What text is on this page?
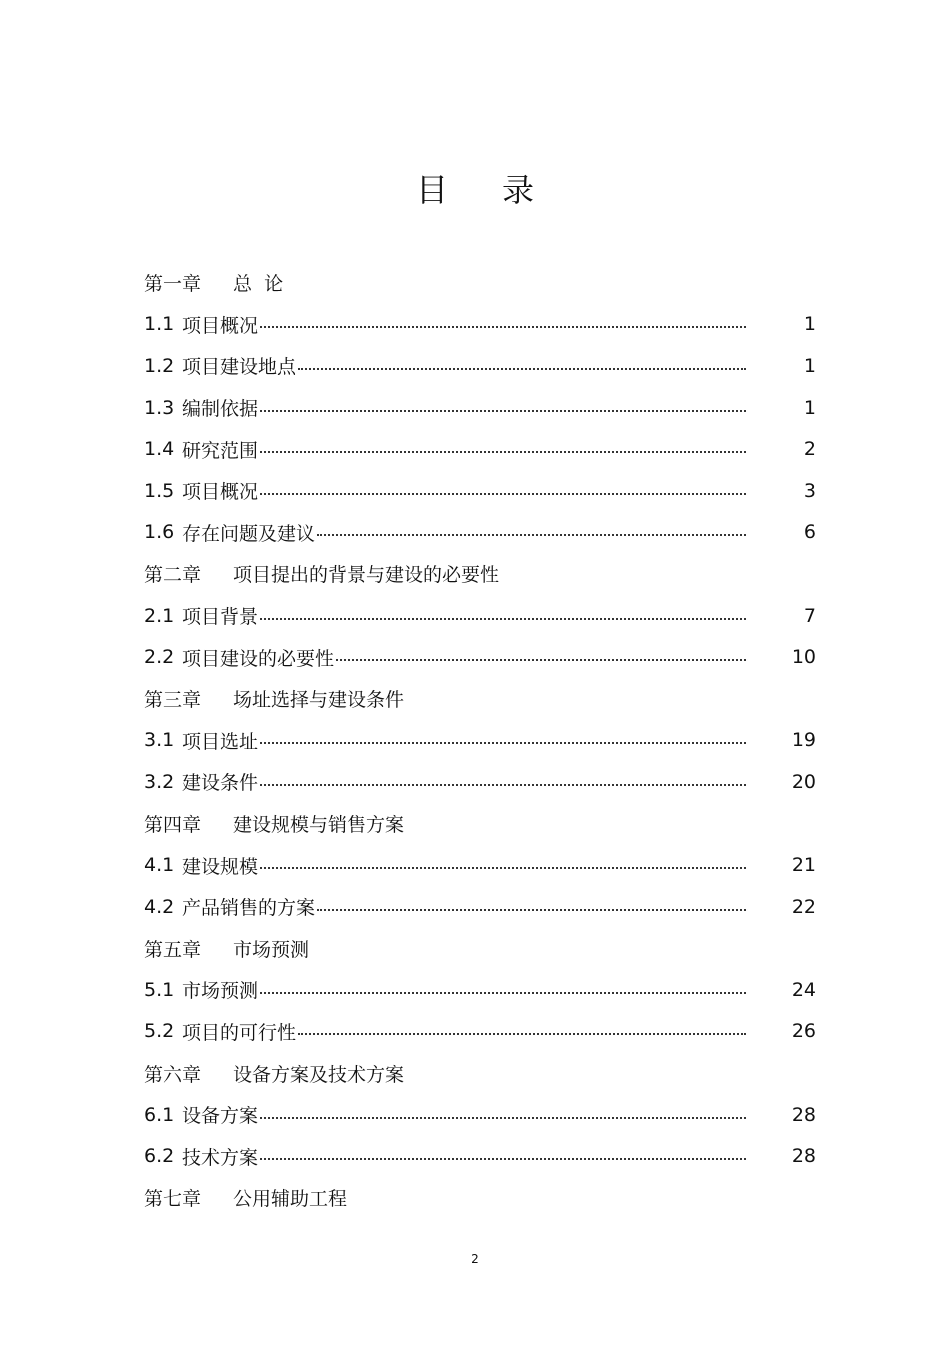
目 录
第一章	总  论
1.1 项目概况	1
1.2 项目建设地点	1
1.3 编制依据	1
1.4 研究范围	2
1.5 项目概况	3
1.6 存在问题及建议	6
第二章	项目提出的背景与建设的必要性
2.1 项目背景	7
2.2 项目建设的必要性	10
第三章	场址选择与建设条件
3.1 项目选址	19
3.2 建设条件	20
第四章	建设规模与销售方案
4.1 建设规模	21
4.2 产品销售的方案	22
第五章	市场预测
5.1 市场预测	24
5.2 项目的可行性	26
第六章	设备方案及技术方案
6.1 设备方案	28
6.2 技术方案	28
第七章	公用辅助工程
2
